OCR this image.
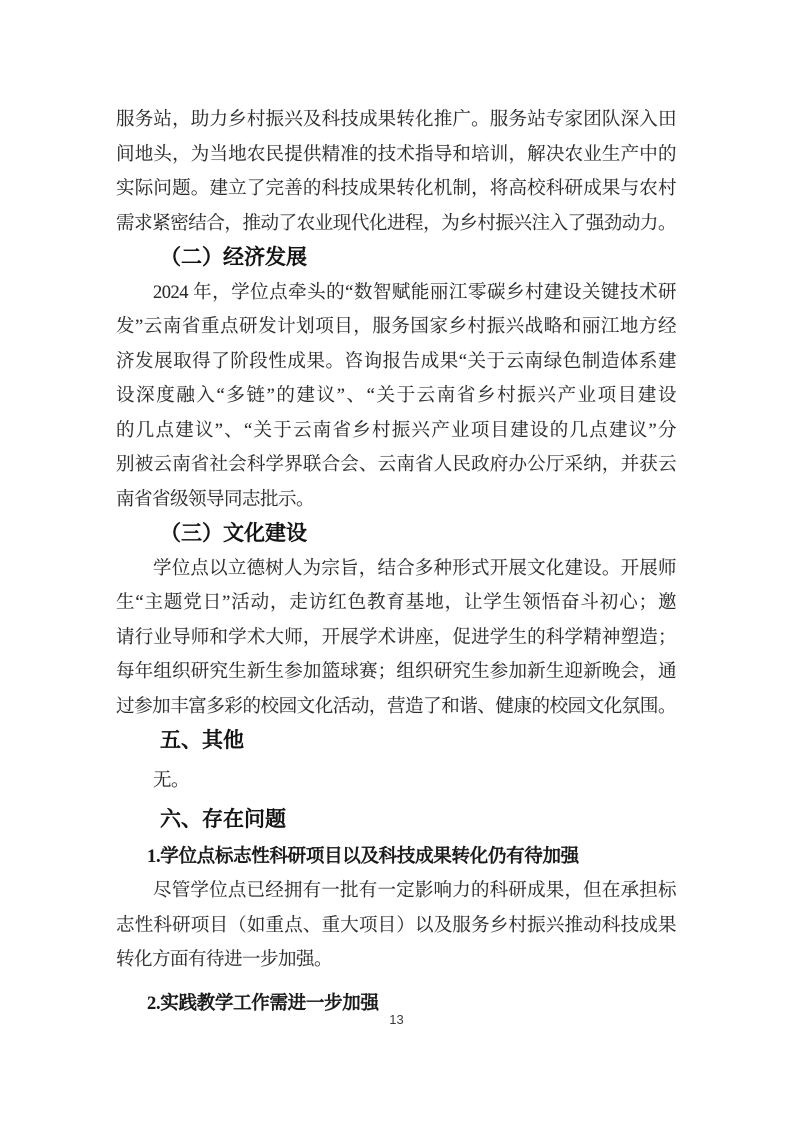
服务站，助力乡村振兴及科技成果转化推广。服务站专家团队深入田
间地头，为当地农民提供精准的技术指导和培训，解决农业生产中的
实际问题。建立了完善的科技成果转化机制，将高校科研成果与农村
需求紧密结合，推动了农业现代化进程，为乡村振兴注入了强劲动力。
（二）经济发展
2024 年，学位点牵头的“数智赋能丽江零碳乡村建设关键技术研
发”云南省重点研发计划项目，服务国家乡村振兴战略和丽江地方经
济发展取得了阶段性成果。咨询报告成果“关于云南绿色制造体系建
设深度融入“多链”的建议”、“关于云南省乡村振兴产业项目建设
的几点建议”、“关于云南省乡村振兴产业项目建设的几点建议”分
别被云南省社会科学界联合会、云南省人民政府办公厅采纳，并获云
南省省级领导同志批示。
（三）文化建设
学位点以立德树人为宗旨，结合多种形式开展文化建设。开展师
生“主题党日”活动，走访红色教育基地，让学生领悟奋斗初心；邀
请行业导师和学术大师，开展学术讲座，促进学生的科学精神塑造；
每年组织研究生新生参加篮球赛；组织研究生参加新生迎新晚会，通
过参加丰富多彩的校园文化活动，营造了和谐、健康的校园文化氛围。
五、其他
无。
六、存在问题
1.学位点标志性科研项目以及科技成果转化仍有待加强
尽管学位点已经拥有一批有一定影响力的科研成果，但在承担标
志性科研项目（如重点、重大项目）以及服务乡村振兴推动科技成果
转化方面有待进一步加强。
2.实践教学工作需进一步加强
13
